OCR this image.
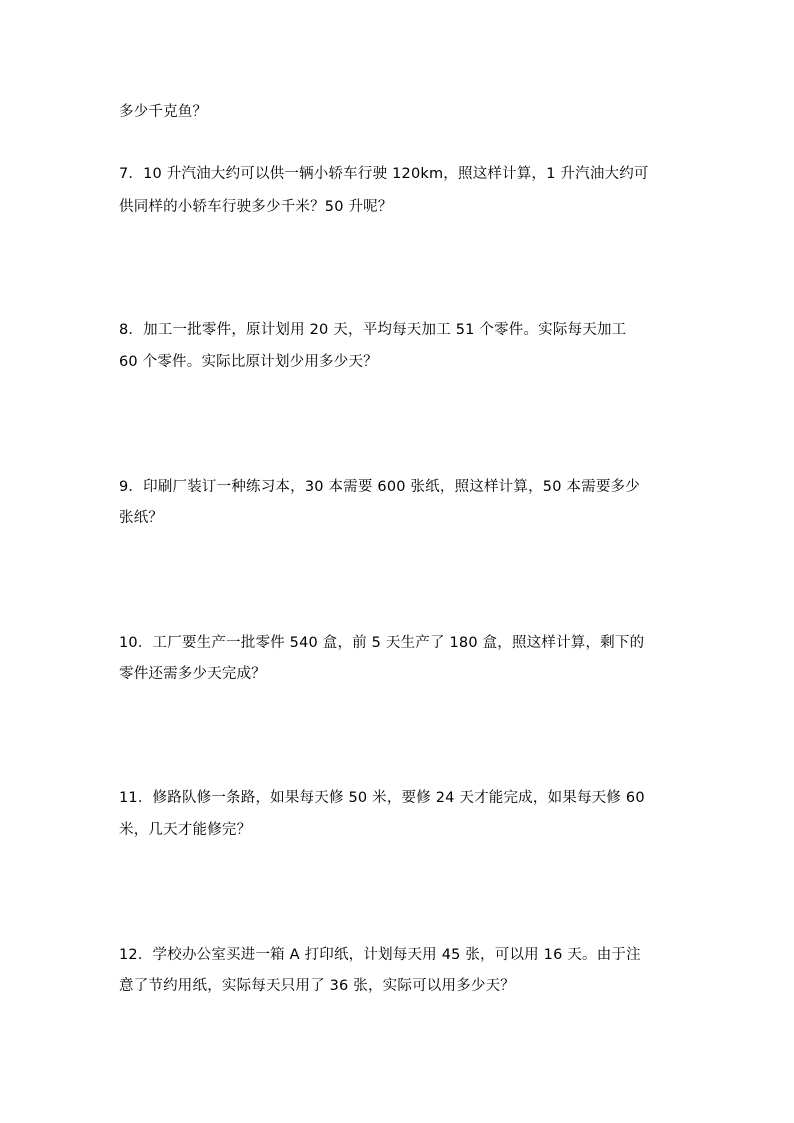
多少千克鱼？
7．10 升汽油大约可以供一辆小轿车行驶 120km，照这样计算，1 升汽油大约可
供同样的小轿车行驶多少千米？50 升呢？
8．加工一批零件，原计划用 20 天，平均每天加工 51 个零件。实际每天加工
60 个零件。实际比原计划少用多少天？
9．印刷厂装订一种练习本，30 本需要 600 张纸，照这样计算，50 本需要多少
张纸？
10．工厂要生产一批零件 540 盒，前 5 天生产了 180 盒，照这样计算，剩下的
零件还需多少天完成？
11．修路队修一条路，如果每天修 50 米，要修 24 天才能完成，如果每天修 60
米，几天才能修完？
12．学校办公室买进一箱 A 打印纸，计划每天用 45 张，可以用 16 天。由于注
意了节约用纸，实际每天只用了 36 张，实际可以用多少天？
